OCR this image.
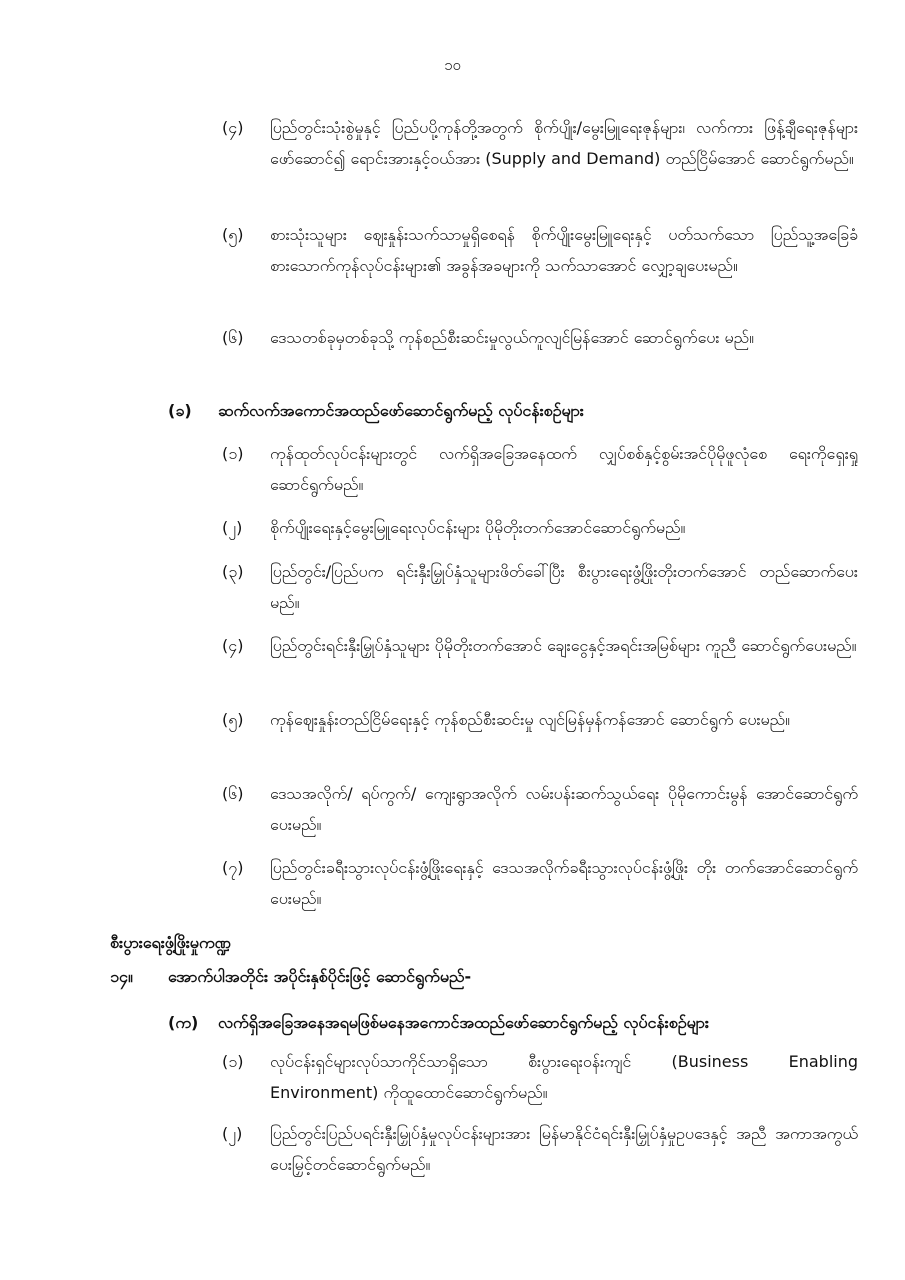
၁၀
(၄)	ပြည်တွင်းသုံးစွဲမှုနှင့် ပြည်ပပို့ကုန်တို့အတွက် စိုက်ပျိုး/မွေးမြူရေးဇုန်များ၊ လက်ကား ဖြန့်ချီရေးဇုန်များ ဖော်ဆောင်၍ ရောင်းအားနှင့်ဝယ်အား (Supply and Demand) တည်ငြိမ်အောင် ဆောင်ရွက်မည်။
(၅)	စားသုံးသူများ ဈေးနှုန်းသက်သာမှုရှိစေရန် စိုက်ပျိုးမွေးမြူရေးနှင့် ပတ်သက်သော ပြည်သူ့အခြေခံ စားသောက်ကုန်လုပ်ငန်းများ၏ အခွန်အခများကို သက်သာအောင် လျှော့ချပေးမည်။
(၆)	ဒေသတစ်ခုမှတစ်ခုသို့ ကုန်စည်စီးဆင်းမှုလွယ်ကူလျင်မြန်အောင် ဆောင်ရွက်ပေး မည်။
(ခ) ဆက်လက်အကောင်အထည်ဖော်ဆောင်ရွက်မည့် လုပ်ငန်းစဉ်များ
(၁)	ကုန်ထုတ်လုပ်ငန်းများတွင် လက်ရှိအခြေအနေထက် လျှပ်စစ်နှင့်စွမ်းအင်ပိုမိုဖူလုံစေ ရေးကိုရှေးရှုဆောင်ရွက်မည်။
(၂)	စိုက်ပျိုးရေးနှင့်မွေးမြူရေးလုပ်ငန်းများ ပိုမိုတိုးတက်အောင်ဆောင်ရွက်မည်။
(၃)	ပြည်တွင်း/ပြည်ပက ရင်းနှီးမြှုပ်နှံသူများဖိတ်ခေါ်ပြီး စီးပွားရေးဖွံ့ဖြိုးတိုးတက်အောင် တည်ဆောက်ပေးမည်။
(၄)	ပြည်တွင်းရင်းနှီးမြှုပ်နှံသူများ ပိုမိုတိုးတက်အောင် ချေးငွေနှင့်အရင်းအမြစ်များ ကူညီ ဆောင်ရွက်ပေးမည်။
(၅)	ကုန်ဈေးနှုန်းတည်ငြိမ်ရေးနှင့် ကုန်စည်စီးဆင်းမှု လျင်မြန်မှန်ကန်အောင် ဆောင်ရွက် ပေးမည်။
(၆)	ဒေသအလိုက်/ ရပ်ကွက်/ ကျေးရွာအလိုက် လမ်းပန်းဆက်သွယ်ရေး ပိုမိုကောင်းမွန် အောင်ဆောင်ရွက်ပေးမည်။
(၇)	ပြည်တွင်းခရီးသွားလုပ်ငန်းဖွံ့ဖြိုးရေးနှင့် ဒေသအလိုက်ခရီးသွားလုပ်ငန်းဖွံ့ဖြိုး တိုး တက်အောင်ဆောင်ရွက်ပေးမည်။
စီးပွားရေးဖွံ့ဖြိုးမှုကဏ္ဍ
၁၄။ အောက်ပါအတိုင်း အပိုင်းနှစ်ပိုင်းဖြင့် ဆောင်ရွက်မည်-
(က) လက်ရှိအခြေအနေအရမဖြစ်မနေအကောင်အထည်ဖော်ဆောင်ရွက်မည့် လုပ်ငန်းစဉ်များ
(၁)	လုပ်ငန်းရှင်များလုပ်သာကိုင်သာရှိသော စီးပွားရေးဝန်းကျင် (Business Enabling Environment) ကိုထူထောင်ဆောင်ရွက်မည်။
(၂)	ပြည်တွင်းပြည်ပရင်းနှီးမြှုပ်နှံမှုလုပ်ငန်းများအား မြန်မာနိုင်ငံရင်းနှီးမြှုပ်နှံမှုဥပဒေနှင့် အညီ အကာအကွယ်ပေးမြှင့်တင်ဆောင်ရွက်မည်။
